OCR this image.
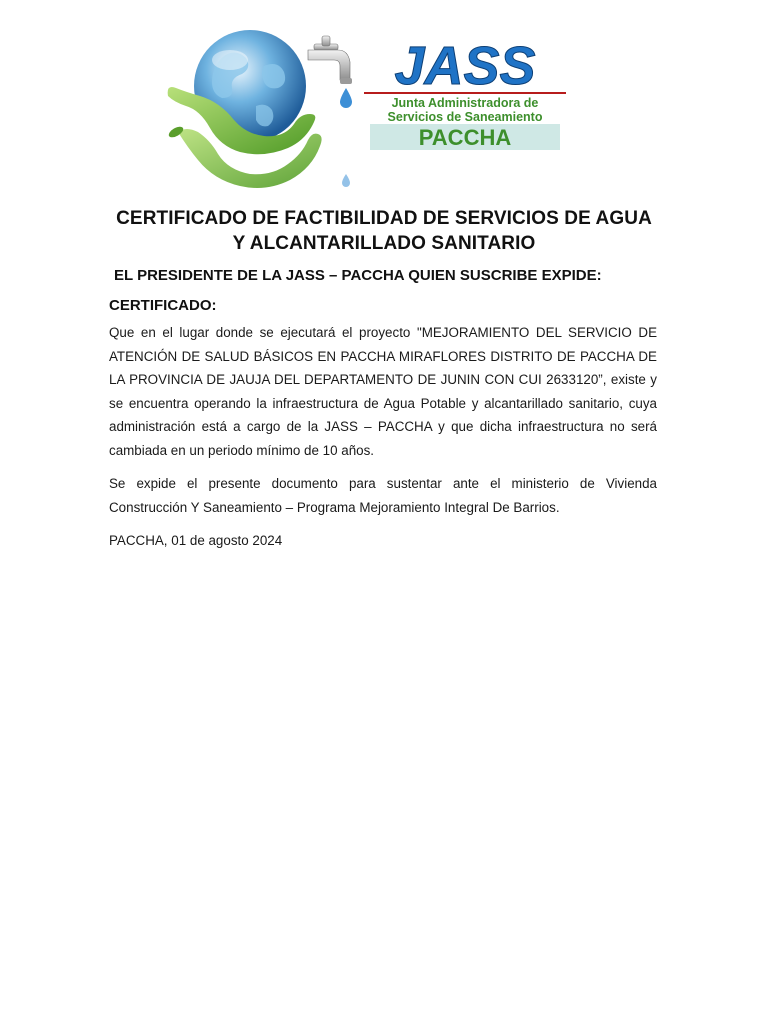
JASS
Junta Administradora de
Servicios de Saneamiento
PACCHA
CERTIFICADO DE FACTIBILIDAD DE SERVICIOS DE AGUA Y ALCANTARILLADO SANITARIO

EL PRESIDENTE DE LA JASS – PACCHA QUIEN SUSCRIBE EXPIDE:

CERTIFICADO:

Que en el lugar donde se ejecutará el proyecto "MEJORAMIENTO DEL SERVICIO DE ATENCIÓN DE SALUD BÁSICOS EN PACCHA MIRAFLORES DISTRITO DE PACCHA DE LA PROVINCIA DE JAUJA DEL DEPARTAMENTO DE JUNIN CON CUI 2633120”, existe y se encuentra operando la infraestructura de Agua Potable y alcantarillado sanitario, cuya administración está a cargo de la JASS – PACCHA y que dicha infraestructura no será cambiada en un periodo mínimo de 10 años.

Se expide el presente documento para sustentar ante el ministerio de Vivienda Construcción Y Saneamiento – Programa Mejoramiento Integral De Barrios.

PACCHA, 01 de agosto 2024
